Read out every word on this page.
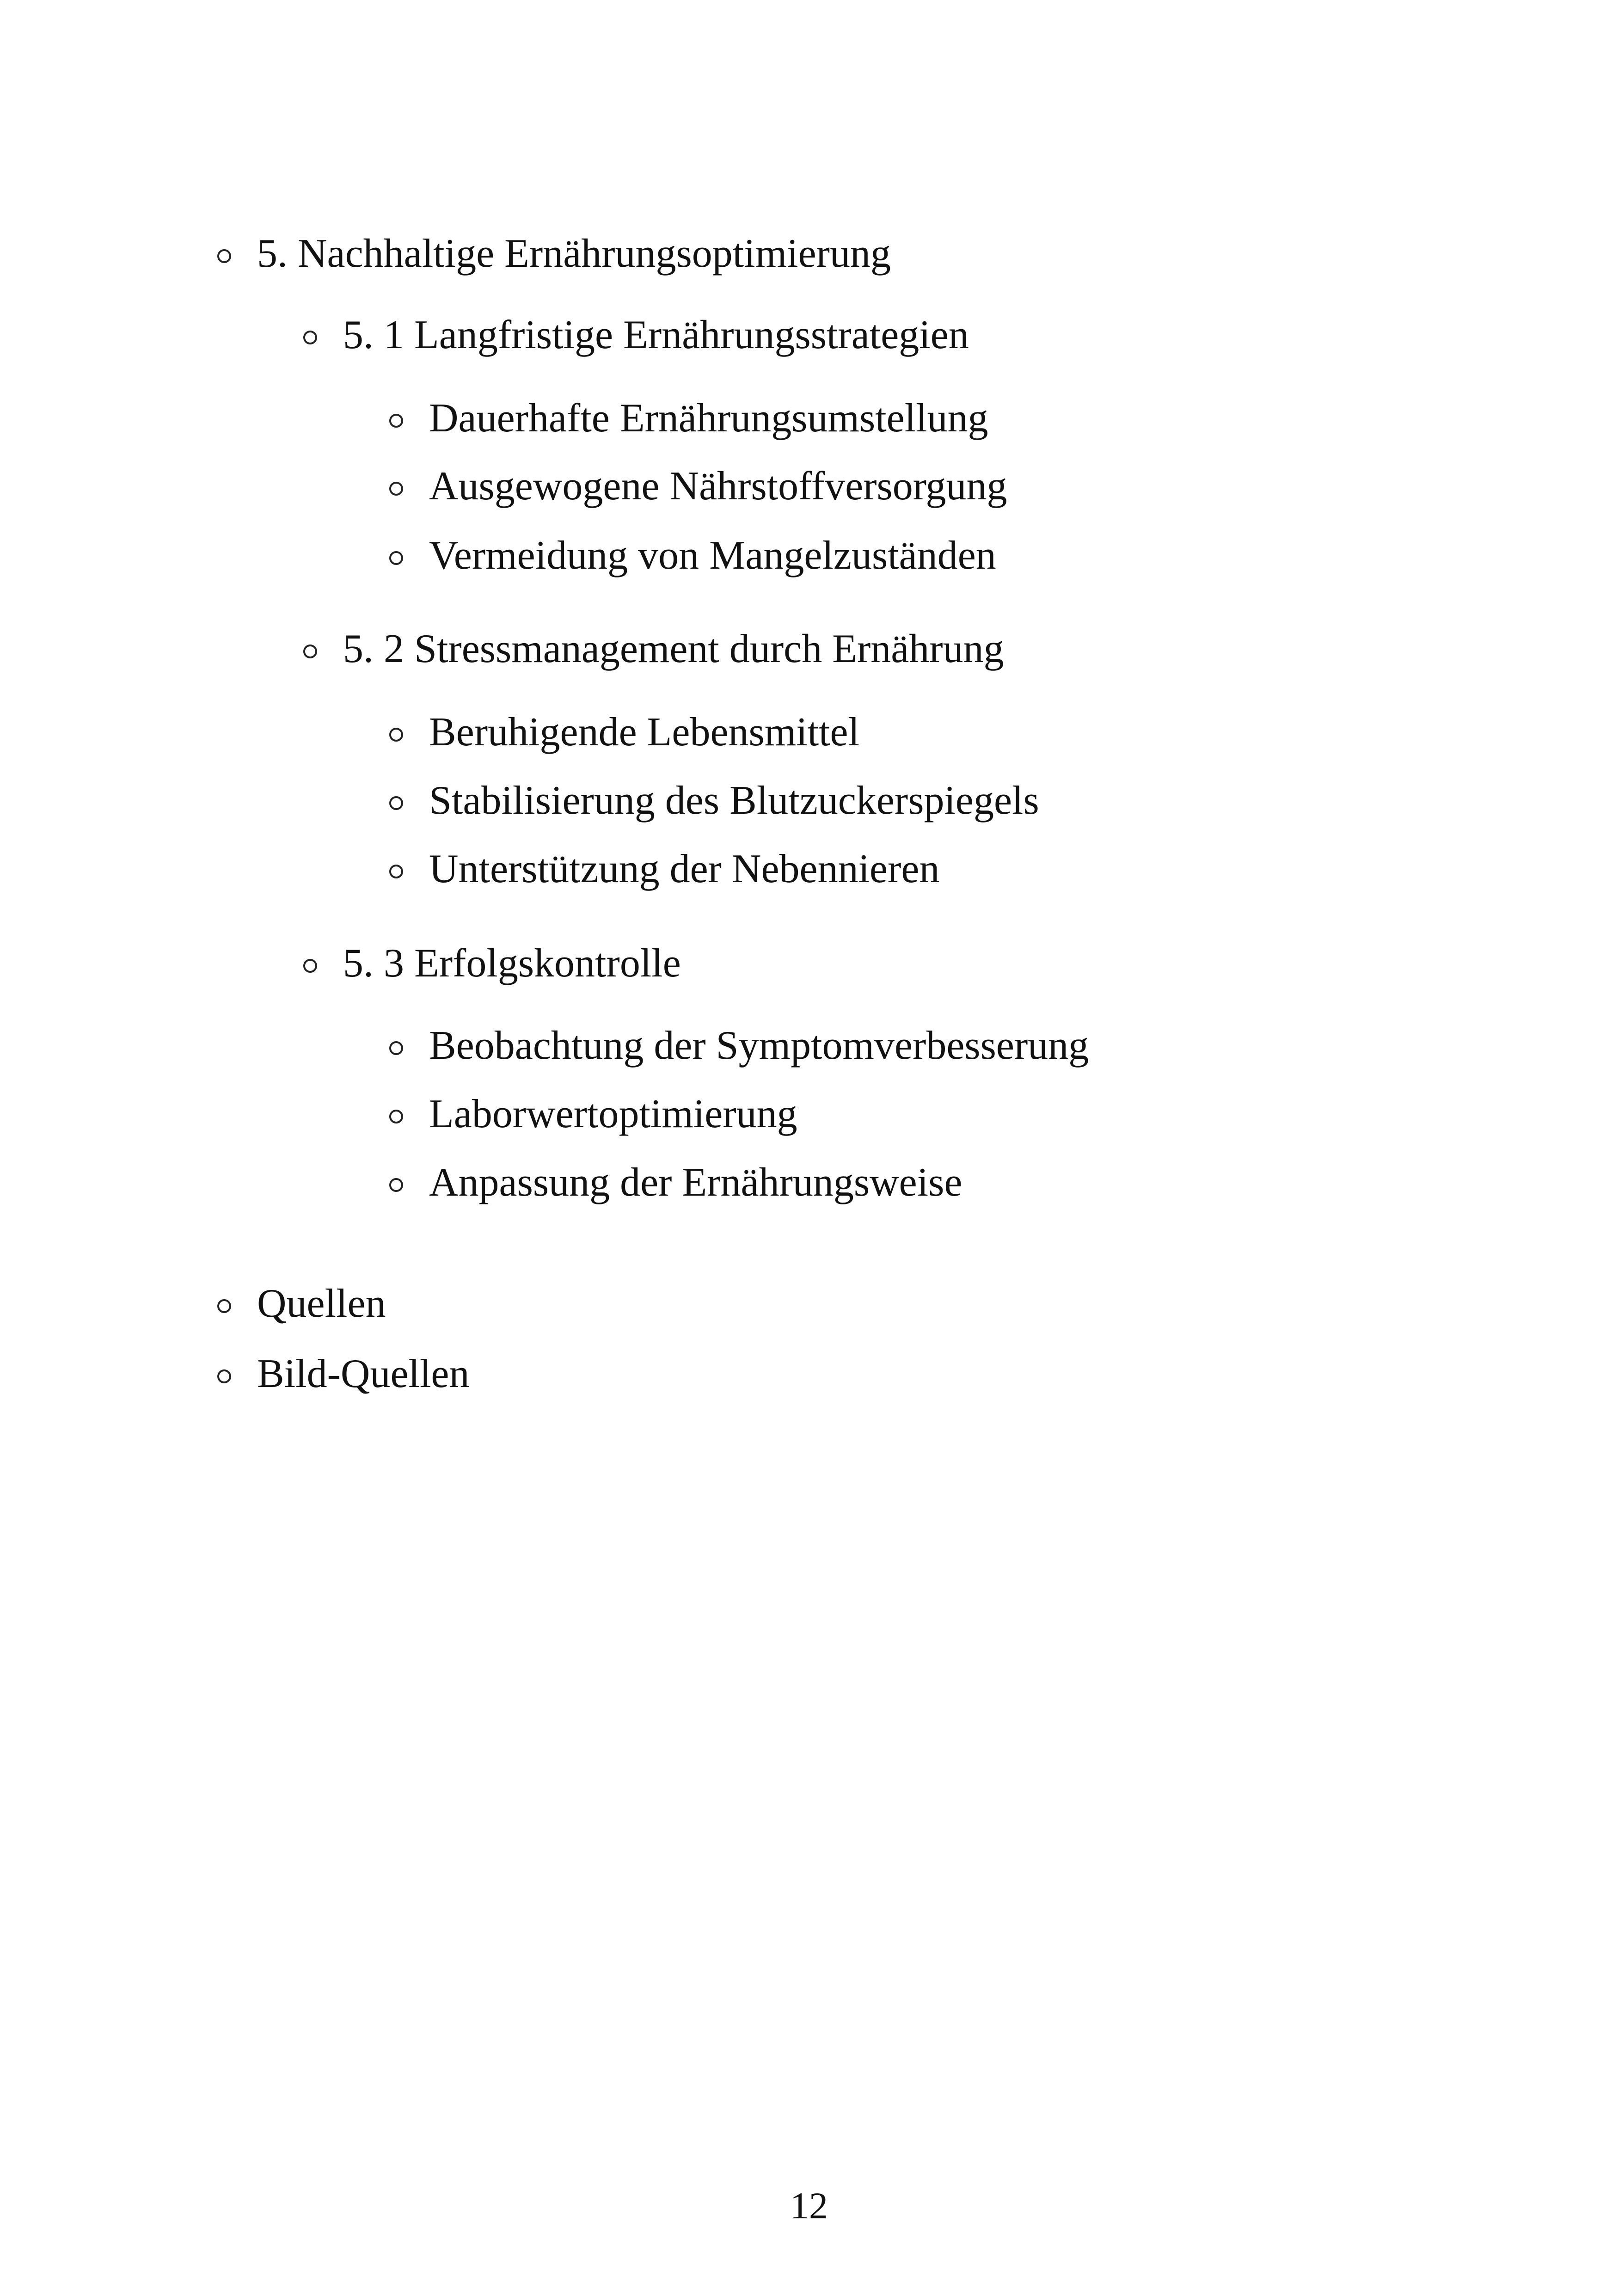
5. Nachhaltige Ernährungsoptimierung
5. 1 Langfristige Ernährungsstrategien
Dauerhafte Ernährungsumstellung
Ausgewogene Nährstoffversorgung
Vermeidung von Mangelzuständen
5. 2 Stressmanagement durch Ernährung
Beruhigende Lebensmittel
Stabilisierung des Blutzuckerspiegels
Unterstützung der Nebennieren
5. 3 Erfolgskontrolle
Beobachtung der Symptomverbesserung
Laborwertoptimierung
Anpassung der Ernährungsweise
Quellen
Bild-Quellen
12
